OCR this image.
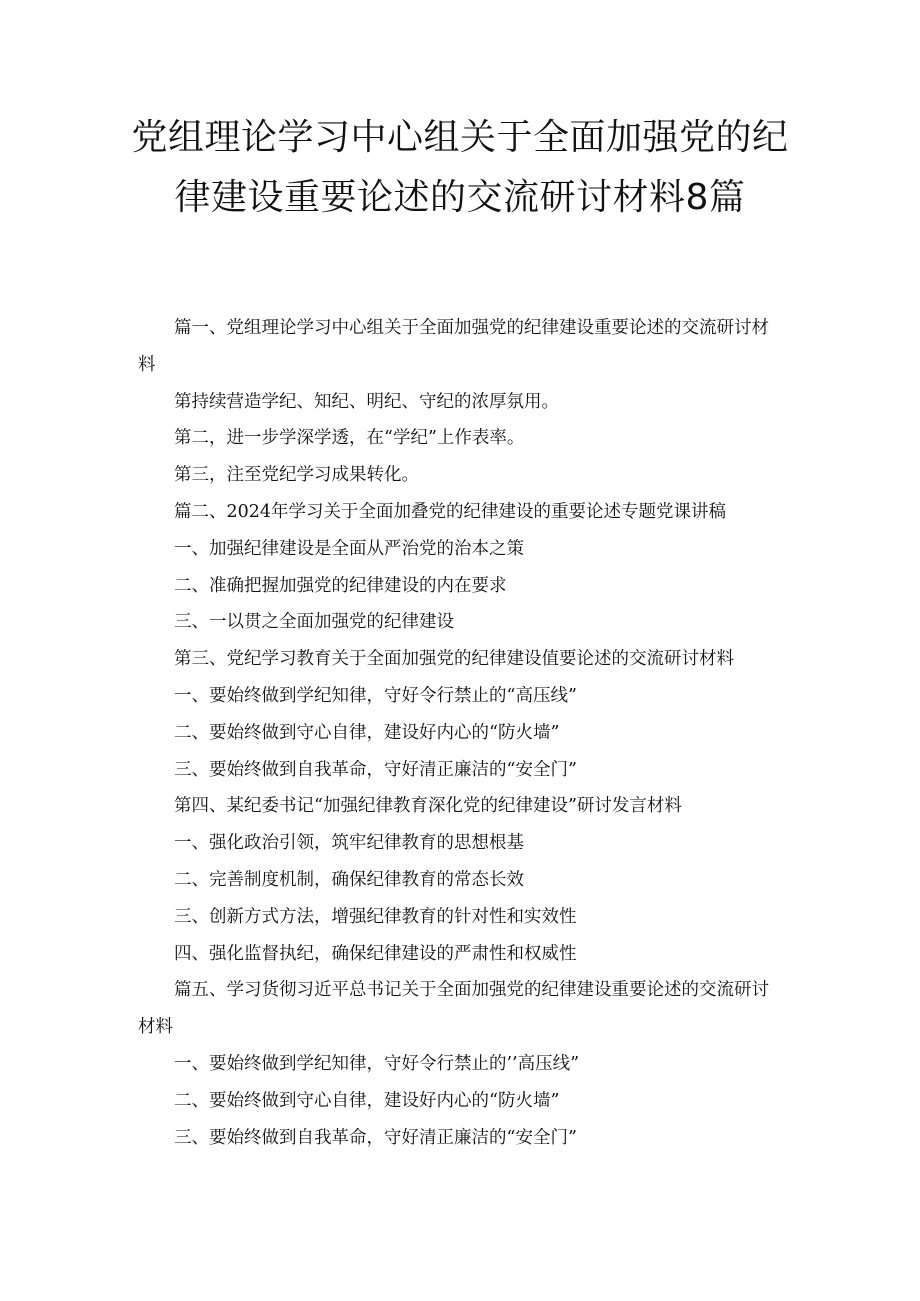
党组理论学习中心组关于全面加强党的纪
律建设重要论述的交流研讨材料8篇

篇一、党组理论学习中心组关于全面加强党的纪律建设重要论述的交流研讨材料

第持续营造学纪、知纪、明纪、守纪的浓厚氛用。

第二，进一步学深学透，在“学纪”上作表率。

第三，注至党纪学习成果转化。

篇二、2024年学习关于全面加叠党的纪律建设的重要论述专题党课讲稿

一、加强纪律建设是全面从严治党的治本之策

二、准确把握加强党的纪律建设的内在要求

三、一以贯之全面加强党的纪律建设

第三、党纪学习教育关于全面加强党的纪律建设值要论述的交流研讨材料

一、要始终做到学纪知律，守好令行禁止的“高压线”

二、要始终做到守心自律，建设好内心的“防火墙”

三、要始终做到自我革命，守好清正廉洁的“安全门”

第四、某纪委书记“加强纪律教育深化党的纪律建设”研讨发言材料

一、强化政治引领，筑牢纪律教育的思想根基

二、完善制度机制，确保纪律教育的常态长效

三、创新方式方法，增强纪律教育的针对性和实效性

四、强化监督执纪，确保纪律建设的严肃性和权威性

篇五、学习货彻习近平总书记关于全面加强党的纪律建设重要论述的交流研讨材料

一、要始终做到学纪知律，守好令行禁止的’’高压线”

二、要始终做到守心自律，建设好内心的“防火墙”

三、要始终做到自我革命，守好清正廉洁的“安全门”
